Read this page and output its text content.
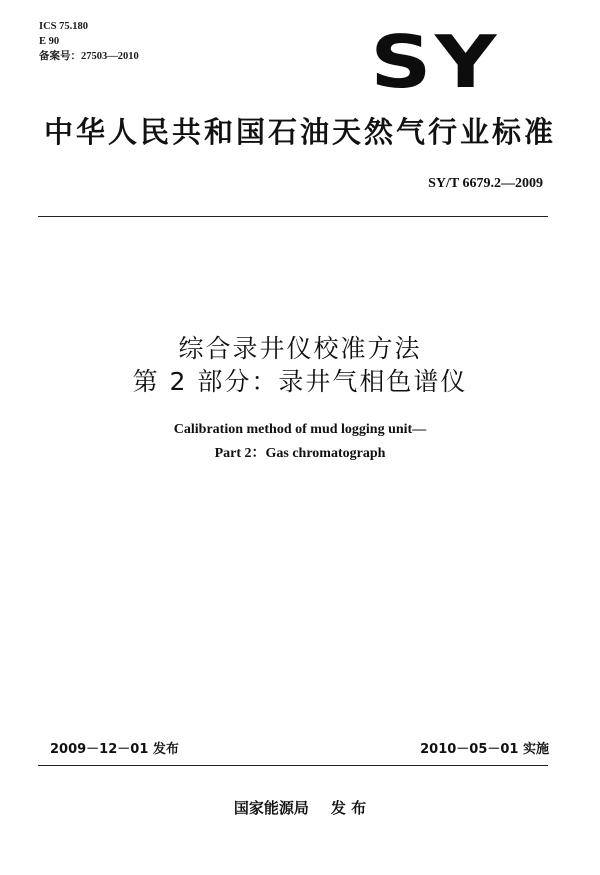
ICS 75.180
E 90
备案号：27503—2010	SY
中华人民共和国石油天然气行业标准
SY/T 6679.2—2009
综合录井仪校准方法
第 2 部分：录井气相色谱仪
Calibration method of mud logging unit—
Part 2：Gas chromatograph
2009－12－01 发布	2010－05－01 实施
国家能源局 发 布
